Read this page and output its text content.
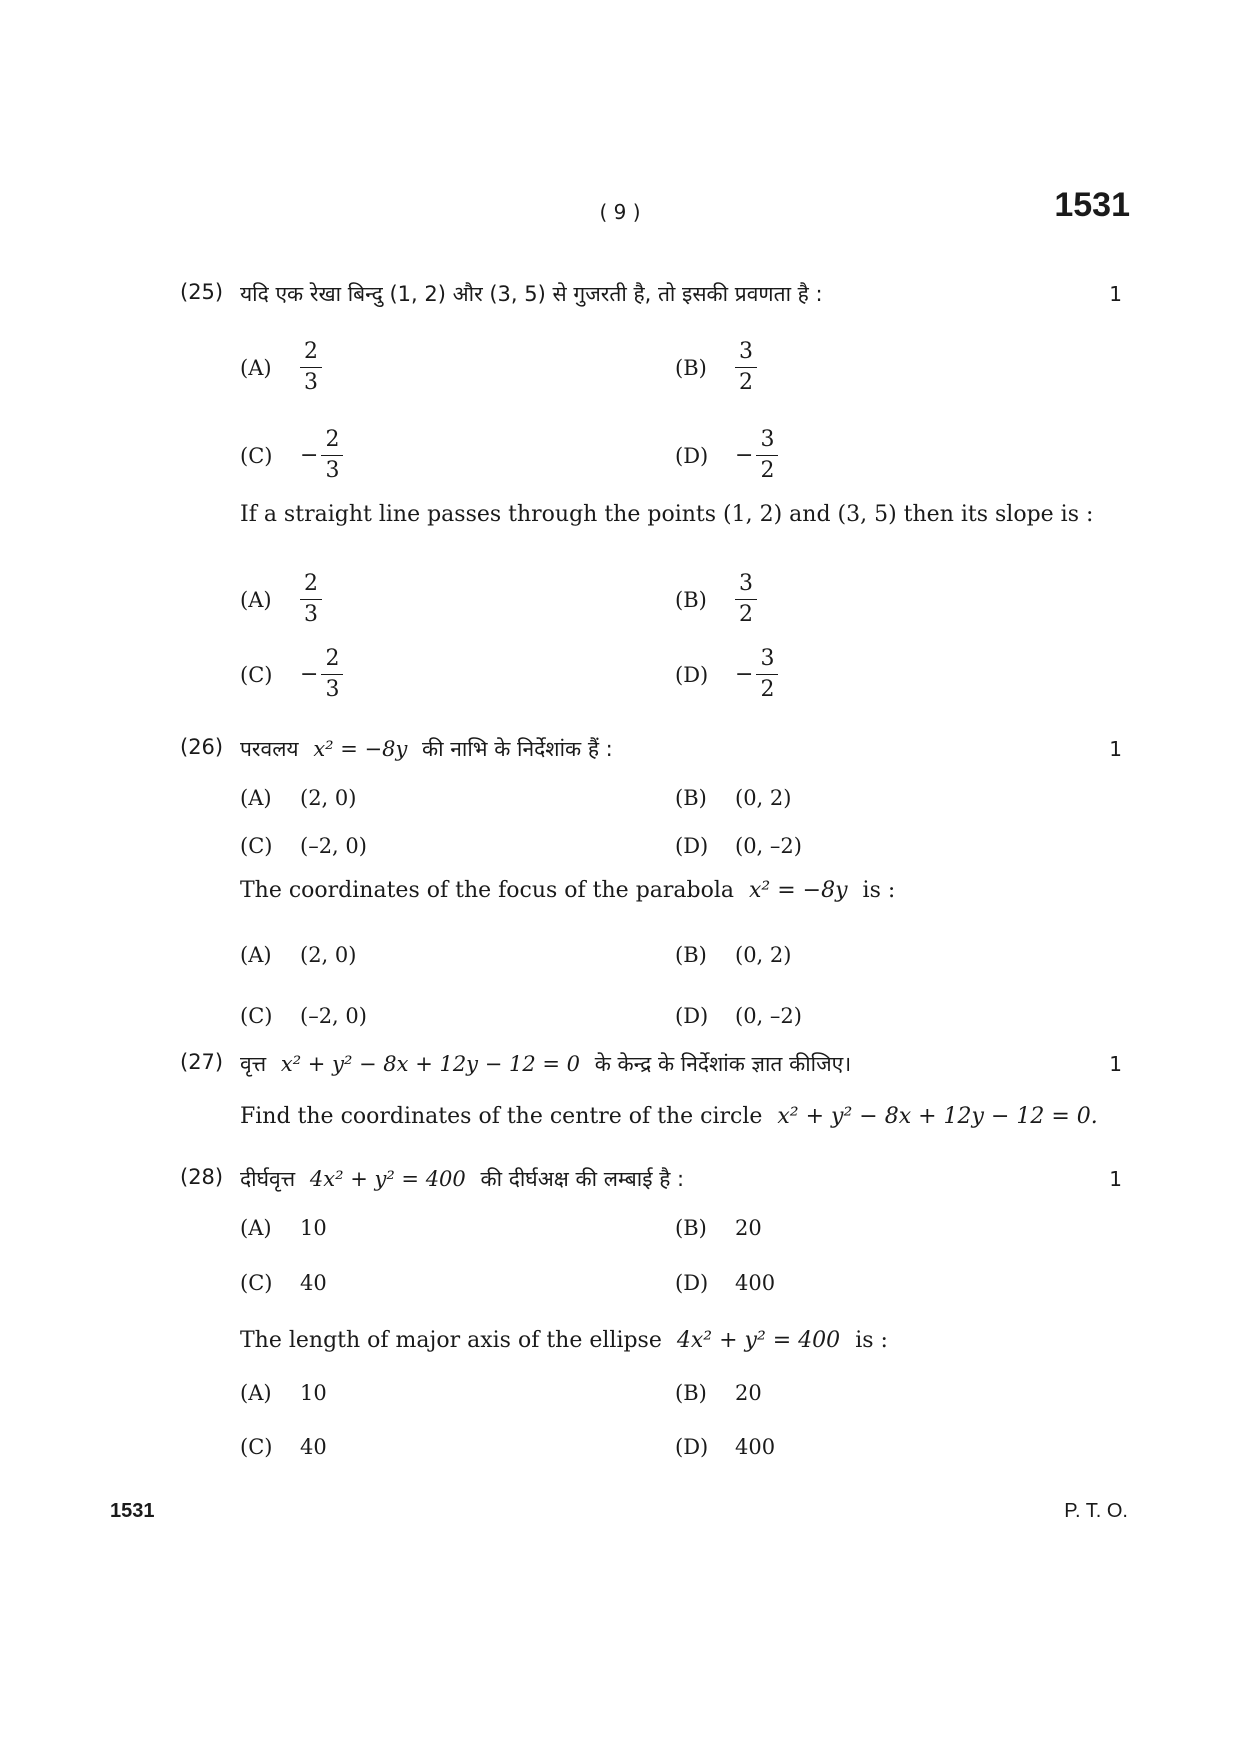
( 9 )	1531
(25) यदि एक रेखा बिन्दु (1, 2) और (3, 5) से गुजरती है, तो इसकी प्रवणता है :	1
(A)	$\frac{2}{3}$	(B)	$\frac{3}{2}$
(C)	− $\frac{2}{3}$	(D)	− $\frac{3}{2}$
If a straight line passes through the points (1, 2) and (3, 5) then its slope is :
(A)	$\frac{2}{3}$	(B)	$\frac{3}{2}$
(C)	− $\frac{2}{3}$	(D)	− $\frac{3}{2}$
(26) परवलय x² = −8y की नाभि के निर्देशांक हैं :	1
(A)	(2, 0)	(B)	(0, 2)
(C)	(–2, 0)	(D)	(0, –2)
The coordinates of the focus of the parabola x² = −8y is :
(A)	(2, 0)	(B)	(0, 2)
(C)	(–2, 0)	(D)	(0, –2)
(27) वृत्त x² + y² − 8x + 12y − 12 = 0 के केन्द्र के निर्देशांक ज्ञात कीजिए।	1
Find the coordinates of the centre of the circle x² + y² − 8x + 12y − 12 = 0.
(28) दीर्घवृत्त 4x² + y² = 400 की दीर्घअक्ष की लम्बाई है :	1
(A)	10	(B)	20
(C)	40	(D)	400
The length of major axis of the ellipse 4x² + y² = 400 is :
(A)	10	(B)	20
(C)	40	(D)	400
1531	P. T. O.
